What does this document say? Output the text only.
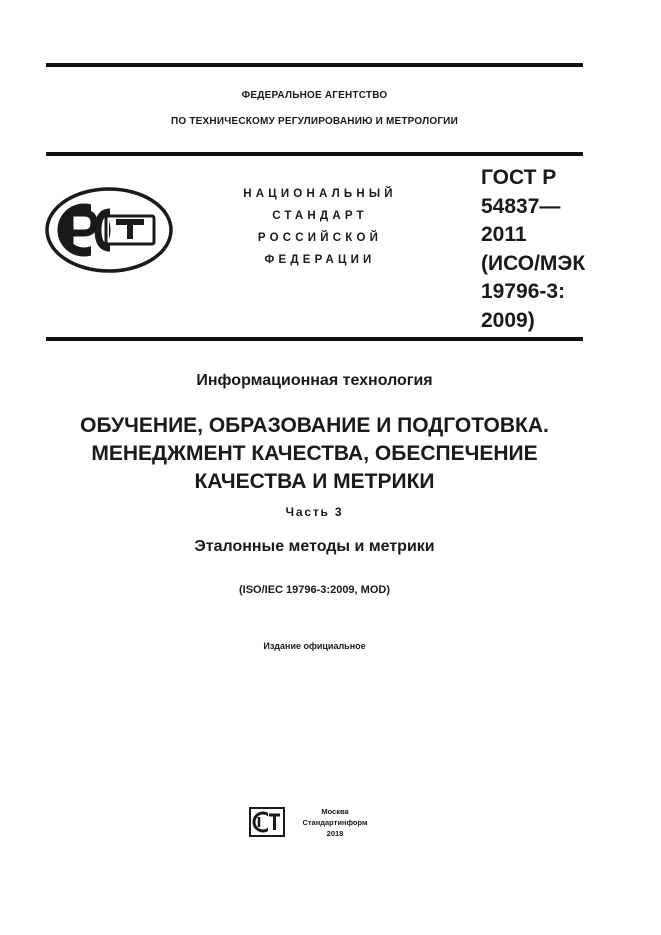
ФЕДЕРАЛЬНОЕ АГЕНТСТВО
ПО ТЕХНИЧЕСКОМУ РЕГУЛИРОВАНИЮ И МЕТРОЛОГИИ
НАЦИОНАЛЬНЫЙ
СТАНДАРТ
РОССИЙСКОЙ
ФЕДЕРАЦИИ
ГОСТ Р
54837—
2011
(ИСО/МЭК
19796-3:
2009)
Информационная технология
ОБУЧЕНИЕ, ОБРАЗОВАНИЕ И ПОДГОТОВКА.
МЕНЕДЖМЕНТ КАЧЕСТВА, ОБЕСПЕЧЕНИЕ
КАЧЕСТВА И МЕТРИКИ
Часть 3
Эталонные методы и метрики
(ISO/IEC 19796-3:2009, MOD)
Издание официальное
Москва
Стандартинформ
2018
